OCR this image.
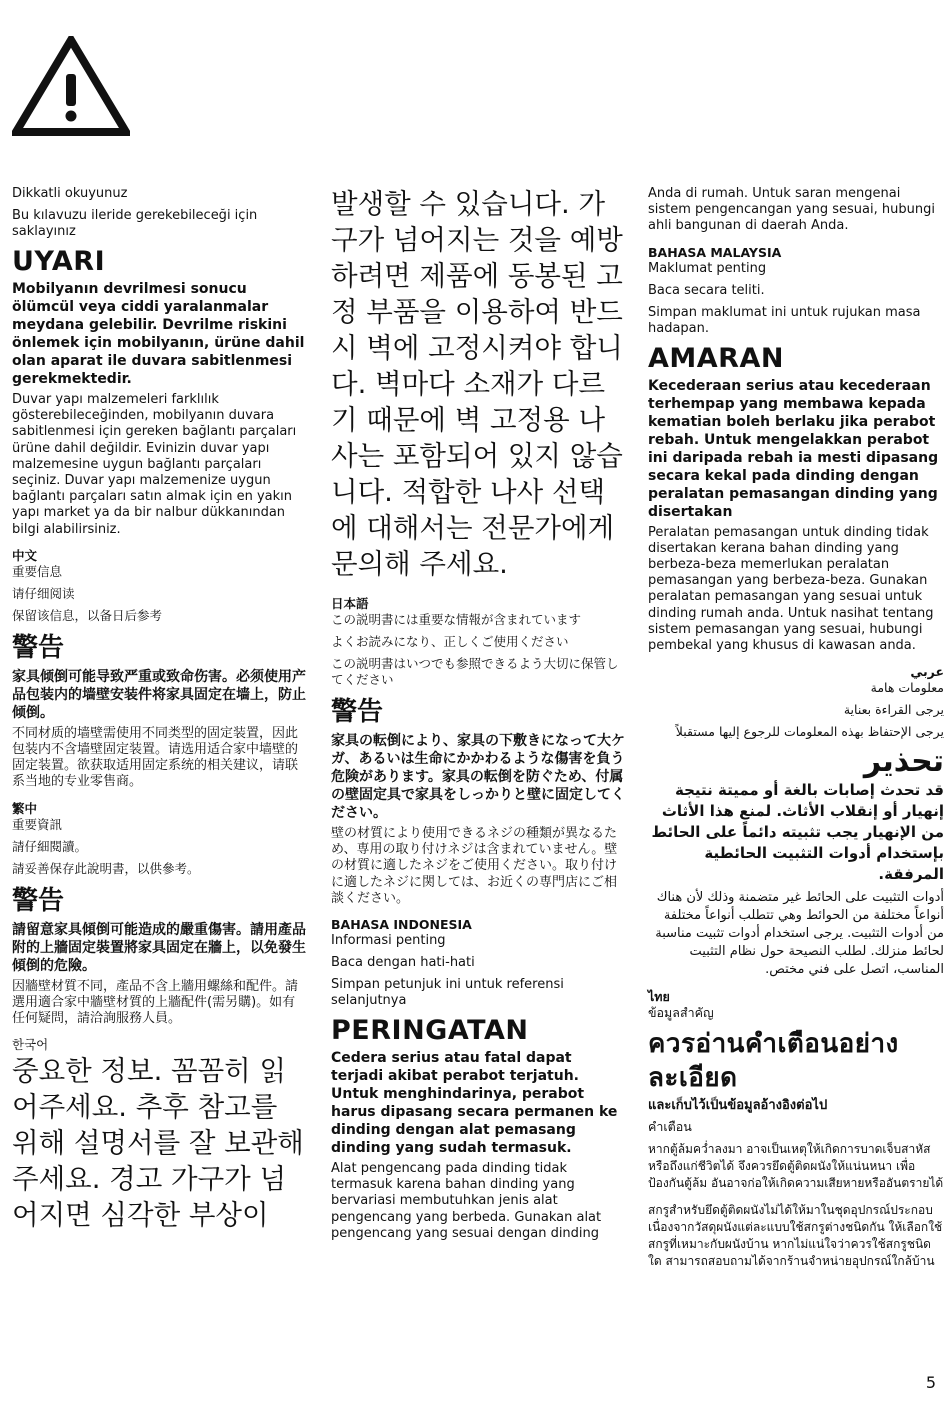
Dikkatli okuyunuz

Bu kılavuzu ileride gerekebileceği için saklayınız

UYARI

Mobilyanın devrilmesi sonucu ölümcül veya ciddi yaralanmalar meydana gelebilir. Devrilme riskini önlemek için mobilyanın, ürüne dahil olan aparat ile duvara sabitlenmesi gerekmektedir.

Duvar yapı malzemeleri farklılık gösterebileceğinden, mobilyanın duvara sabitlenmesi için gereken bağlantı parçaları ürüne dahil değildir. Evinizin duvar yapı malzemesine uygun bağlantı parçaları seçiniz. Duvar yapı malzemenize uygun bağlantı parçaları satın almak için en yakın yapı market ya da bir nalbur dükkanından bilgi alabilirsiniz.

中文

重要信息

请仔细阅读

保留该信息，以备日后参考

警告

家具倾倒可能导致严重或致命伤害。必须使用产品包装内的墙壁安装件将家具固定在墙上，防止倾倒。

不同材质的墙壁需使用不同类型的固定装置，因此包装内不含墙壁固定装置。请选用适合家中墙壁的固定装置。欲获取适用固定系统的相关建议，请联系当地的专业零售商。

繁中

重要資訊

請仔細閱讀。

請妥善保存此說明書，以供參考。

警告

請留意家具傾倒可能造成的嚴重傷害。請用產品附的上牆固定裝置將家具固定在牆上，以免發生傾倒的危險。

因牆壁材質不同，產品不含上牆用螺絲和配件。請選用適合家中牆壁材質的上牆配件(需另購)。如有任何疑問，請洽詢服務人員。

한국어

중요한 정보. 꼼꼼히 읽어주세요. 추후 참고를 위해 설명서를 잘 보관해 주세요. 경고 가구가 넘어지면 심각한 부상이

발생할 수 있습니다. 가구가 넘어지는 것을 예방하려면 제품에 동봉된 고정 부품을 이용하여 반드시 벽에 고정시켜야 합니다. 벽마다 소재가 다르기 때문에 벽 고정용 나사는 포함되어 있지 않습니다. 적합한 나사 선택에 대해서는 전문가에게 문의해 주세요.

日本語

この説明書には重要な情報が含まれています

よくお読みになり、正しくご使用ください

この説明書はいつでも参照できるよう大切に保管してください

警告

家具の転倒により、家具の下敷きになって大ケガ、あるいは生命にかかわるような傷害を負う危険があります。家具の転倒を防ぐため、付属の壁固定具で家具をしっかりと壁に固定してください。

壁の材質により使用できるネジの種類が異なるため、専用の取り付けネジは含まれていません。壁の材質に適したネジをご使用ください。取り付けに適したネジに関しては、お近くの専門店にご相談ください。

BAHASA INDONESIA

Informasi penting

Baca dengan hati-hati

Simpan petunjuk ini untuk referensi selanjutnya

PERINGATAN

Cedera serius atau fatal dapat terjadi akibat perabot terjatuh. Untuk menghindarinya, perabot harus dipasang secara permanen ke dinding dengan alat pemasang dinding yang sudah termasuk.

Alat pengencang pada dinding tidak termasuk karena bahan dinding yang bervariasi membutuhkan jenis alat pengencang yang berbeda. Gunakan alat pengencang yang sesuai dengan dinding

Anda di rumah. Untuk saran mengenai sistem pengencangan yang sesuai, hubungi ahli bangunan di daerah Anda.

BAHASA MALAYSIA

Maklumat penting

Baca secara teliti.

Simpan maklumat ini untuk rujukan masa hadapan.

AMARAN

Kecederaan serius atau kecederaan terhempap yang membawa kepada kematian boleh berlaku jika perabot rebah. Untuk mengelakkan perabot ini daripada rebah ia mesti dipasang secara kekal pada dinding dengan peralatan pemasangan dinding yang disertakan

Peralatan pemasangan untuk dinding tidak disertakan kerana bahan dinding yang berbeza-beza memerlukan peralatan pemasangan yang berbeza-beza. Gunakan peralatan pemasangan yang sesuai untuk dinding rumah anda. Untuk nasihat tentang sistem pemasangan yang sesuai, hubungi pembekal yang khusus di kawasan anda.

عربي

معلومات هامة

يرجى القراءة بعناية

يرجى الإحتفاظ بهذه المعلومات للرجوع إليها مستقبلاً

تحذير

قد تحدث إصابات بالغة أو مميتة نتيجة إنهيار أو إنقلاب الأثاث. لمنع هذا الأثاث من الإنهيار يجب تثبيته دائماً على الحائط بإستخدام أدوات التثبيت الحائطية المرفقة.

أدوات التثبيت على الحائط غير متضمنة وذلك لأن هناك أنواعاً مختلفة من الحوائط وهي تتطلب أنواعاً مختلفة من أدوات التثبيت. يرجى استخدام أدوات تثبيت مناسبة لحائط منزلك. لطلب النصيحة حول نظام التثبيت المناسب، اتصل على فني مختص.

ไทย

ข้อมูลสำคัญ

ควรอ่านคำเตือนอย่างละเอียด

และเก็บไว้เป็นข้อมูลอ้างอิงต่อไป

คำเตือน

หากตู้ล้มคว่ำลงมา อาจเป็นเหตุให้เกิดการบาดเจ็บสาหัสหรือถึงแก่ชีวิตได้ จึงควรยึดตู้ติดผนังให้แน่นหนา เพื่อป้องกันตู้ล้ม อันอาจก่อให้เกิดความเสียหายหรืออันตรายได้

สกรูสำหรับยึดตู้ติดผนังไม่ได้ให้มาในชุดอุปกรณ์ประกอบ เนื่องจากวัสดุผนังแต่ละแบบใช้สกรูต่างชนิดกัน ให้เลือกใช้สกรูที่เหมาะกับผนังบ้าน หากไม่แน่ใจว่าควรใช้สกรูชนิดใด สามารถสอบถามได้จากร้านจำหน่ายอุปกรณ์ใกล้บ้าน

5
